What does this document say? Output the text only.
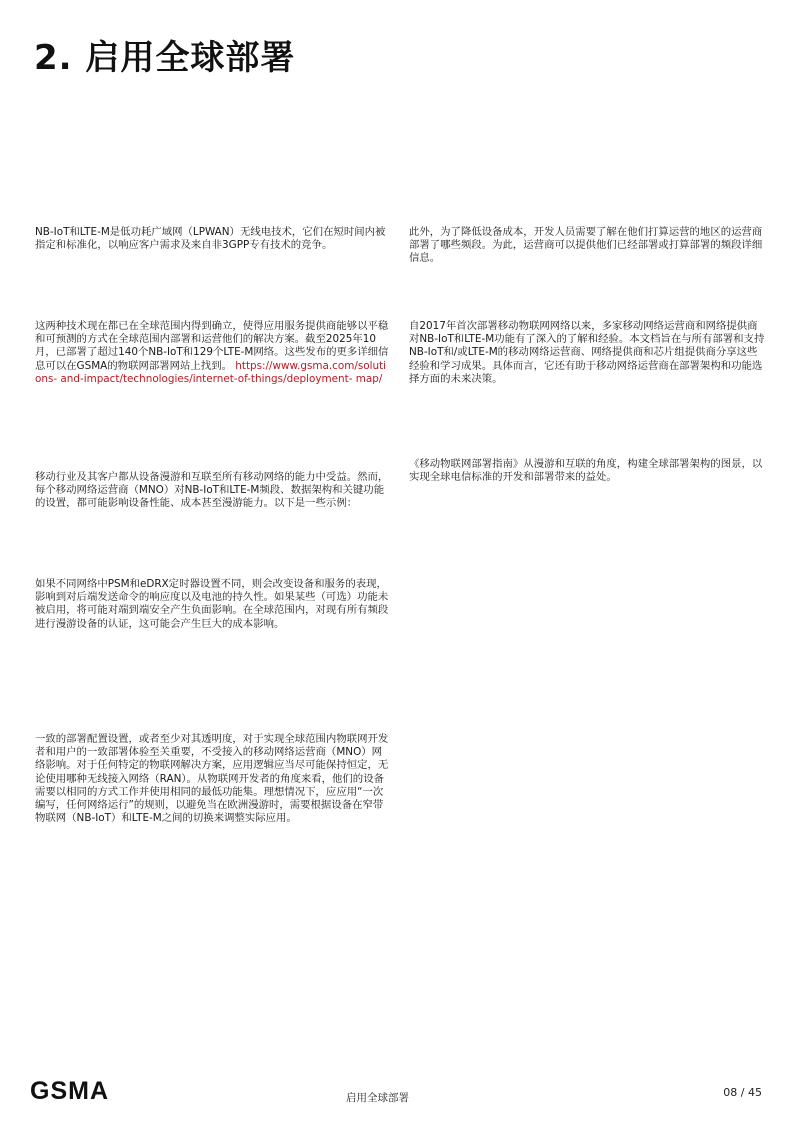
2. 启用全球部署

NB-IoT和LTE-M是低功耗广域网（LPWAN）无线电技术，它们在短时间内被指定和标准化，以响应客户需求及来自非3GPP专有技术的竞争。

这两种技术现在都已在全球范围内得到确立，使得应用服务提供商能够以平稳和可预测的方式在全球范围内部署和运营他们的解决方案。截至2025年10月，已部署了超过140个NB-IoT和129个LTE-M网络。这些发布的更多详细信息可以在GSMA的物联网部署网站上找到。 https://www.gsma.com/solutions- and-impact/technologies/internet-of-things/deployment- map/

移动行业及其客户都从设备漫游和互联至所有移动网络的能力中受益。然而，每个移动网络运营商（MNO）对NB-IoT和LTE-M频段、数据架构和关键功能的设置，都可能影响设备性能、成本甚至漫游能力。以下是一些示例：

如果不同网络中PSM和eDRX定时器设置不同，则会改变设备和服务的表现，影响到对后端发送命令的响应度以及电池的持久性。如果某些（可选）功能未被启用，将可能对端到端安全产生负面影响。在全球范围内，对现有所有频段进行漫游设备的认证，这可能会产生巨大的成本影响。

一致的部署配置设置，或者至少对其透明度，对于实现全球范围内物联网开发者和用户的一致部署体验至关重要，不受接入的移动网络运营商（MNO）网络影响。对于任何特定的物联网解决方案，应用逻辑应当尽可能保持恒定，无论使用哪种无线接入网络（RAN）。从物联网开发者的角度来看，他们的设备需要以相同的方式工作并使用相同的最低功能集。理想情况下，应应用“一次编写，任何网络运行”的规则，以避免当在欧洲漫游时，需要根据设备在窄带物联网（NB-IoT）和LTE-M之间的切换来调整实际应用。

此外，为了降低设备成本，开发人员需要了解在他们打算运营的地区的运营商部署了哪些频段。为此，运营商可以提供他们已经部署或打算部署的频段详细信息。

自2017年首次部署移动物联网网络以来，多家移动网络运营商和网络提供商对NB-IoT和LTE-M功能有了深入的了解和经验。本文档旨在与所有部署和支持NB-IoT和/或LTE-M的移动网络运营商、网络提供商和芯片组提供商分享这些经验和学习成果。具体而言，它还有助于移动网络运营商在部署架构和功能选择方面的未来决策。

《移动物联网部署指南》从漫游和互联的角度，构建全球部署架构的图景，以实现全球电信标准的开发和部署带来的益处。

GSMA	启用全球部署	08 / 45
